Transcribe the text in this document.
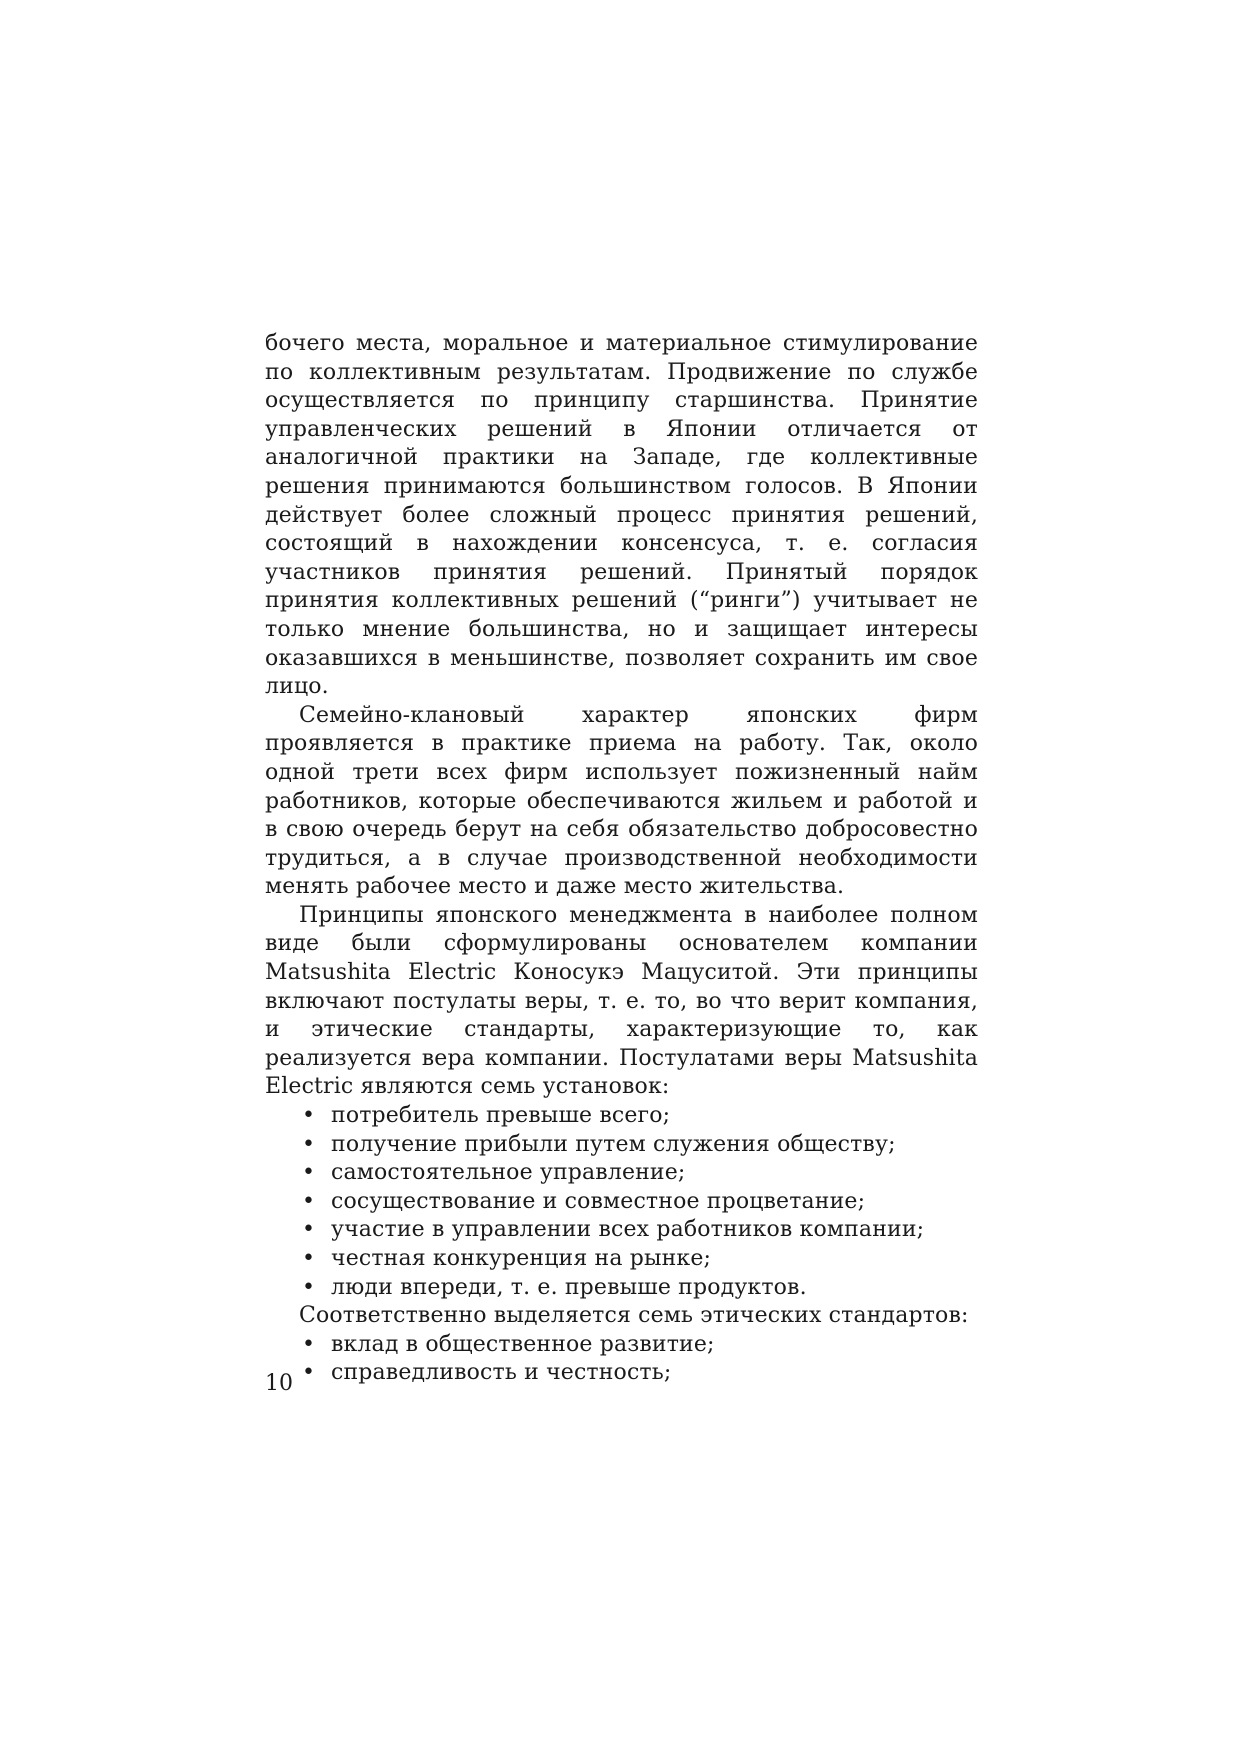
бочего места, моральное и материальное стимулирование по коллективным результатам. Продвижение по службе осуществляется по принципу старшинства. Принятие управленческих решений в Японии отличается от аналогичной практики на Западе, где коллективные решения принимаются большинством голосов. В Японии действует более сложный процесс принятия решений, состоящий в нахождении консенсуса, т. е. согласия участников принятия решений. Принятый порядок принятия коллективных решений (“ринги”) учитывает не только мнение большинства, но и защищает интересы оказавшихся в меньшинстве, позволяет сохранить им свое лицо.

Семейно-клановый характер японских фирм проявляется в практике приема на работу. Так, около одной трети всех фирм использует пожизненный найм работников, которые обеспечиваются жильем и работой и в свою очередь берут на себя обязательство добросовестно трудиться, а в случае производственной необходимости менять рабочее место и даже место жительства.

Принципы японского менеджмента в наиболее полном виде были сформулированы основателем компании Matsushita Electric Коносукэ Мацуситой. Эти принципы включают постулаты веры, т. е. то, во что верит компания, и этические стандарты, характеризующие то, как реализуется вера компании. Постулатами веры Matsushita Electric являются семь установок:

• потребитель превыше всего;
• получение прибыли путем служения обществу;
• самостоятельное управление;
• сосуществование и совместное процветание;
• участие в управлении всех работников компании;
• честная конкуренция на рынке;
• люди впереди, т. е. превыше продуктов.

Соответственно выделяется семь этических стандартов:

• вклад в общественное развитие;
• справедливость и честность;
10
